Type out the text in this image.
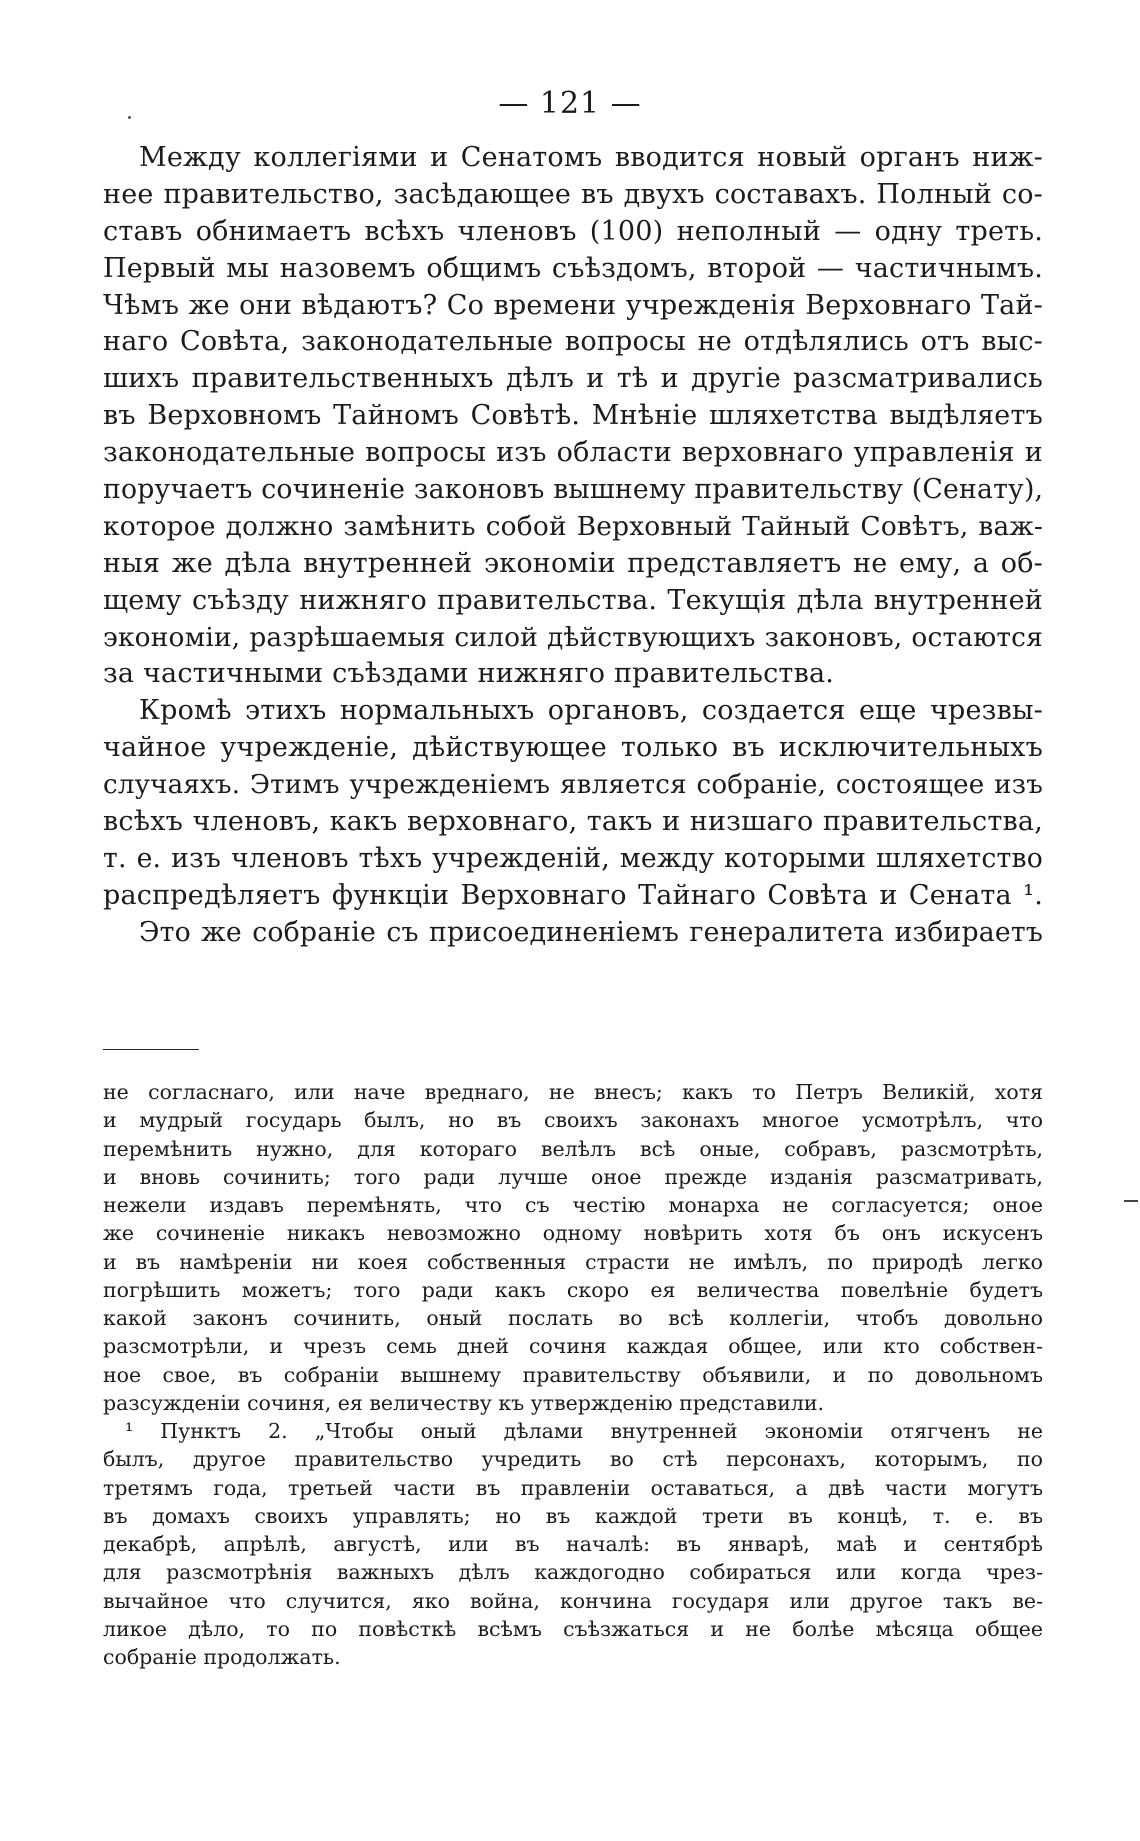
— 121 —
Между коллегіями и Сенатомъ вводится новый органъ ниж-
нее правительство, засѣдающее въ двухъ составахъ. Полный со-
ставъ обнимаетъ всѣхъ членовъ (100) неполный — одну треть.
Первый мы назовемъ общимъ съѣздомъ, второй — частичнымъ.
Чѣмъ же они вѣдаютъ? Со времени учрежденія Верховнаго Тай-
наго Совѣта, законодательные вопросы не отдѣлялись отъ выс-
шихъ правительственныхъ дѣлъ и тѣ и другіе разсматривались
въ Верховномъ Тайномъ Совѣтѣ. Мнѣніе шляхетства выдѣляетъ
законодательные вопросы изъ области верховнаго управленія и
поручаетъ сочиненіе законовъ вышнему правительству (Сенату),
которое должно замѣнить собой Верховный Тайный Совѣтъ, важ-
ныя же дѣла внутренней экономіи представляетъ не ему, а об-
щему съѣзду нижняго правительства. Текущія дѣла внутренней
экономіи, разрѣшаемыя силой дѣйствующихъ законовъ, остаются
за частичными съѣздами нижняго правительства.
Кромѣ этихъ нормальныхъ органовъ, создается еще чрезвы-
чайное учрежденіе, дѣйствующее только въ исключительныхъ
случаяхъ. Этимъ учрежденіемъ является собраніе, состоящее изъ
всѣхъ членовъ, какъ верховнаго, такъ и низшаго правительства,
т. е. изъ членовъ тѣхъ учрежденій, между которыми шляхетство
распредѣляетъ функціи Верховнаго Тайнаго Совѣта и Сената ¹.
Это же собраніе съ присоединеніемъ генералитета избираетъ
не согласнаго, или наче вреднаго, не внесъ; какъ то Петръ Великій, хотя
и мудрый государь былъ, но въ своихъ законахъ многое усмотрѣлъ, что
перемѣнить нужно, для котораго велѣлъ всѣ оные, собравъ, разсмотрѣть,
и вновь сочинить; того ради лучше оное прежде изданія разсматривать,
нежели издавъ перемѣнять, что съ честію монарха не согласуется; оное
же сочиненіе никакъ невозможно одному новѣрить хотя бъ онъ искусенъ
и въ намѣреніи ни коея собственныя страсти не имѣлъ, по природѣ легко
погрѣшить можетъ; того ради какъ скоро ея величества повелѣніе будетъ
какой законъ сочинить, оный послать во всѣ коллегіи, чтобъ довольно
разсмотрѣли, и чрезъ семь дней сочиня каждая общее, или кто собствен-
ное свое, въ собраніи вышнему правительству объявили, и по довольномъ
разсужденіи сочиня, ея величеству къ утвержденію представили.
¹ Пунктъ 2. „Чтобы оный дѣлами внутренней экономіи отягченъ не
былъ, другое правительство учредить во стѣ персонахъ, которымъ, по
третямъ года, третьей части въ правленіи оставаться, а двѣ части могутъ
въ домахъ своихъ управлять; но въ каждой трети въ концѣ, т. е. въ
декабрѣ, апрѣлѣ, августѣ, или въ началѣ: въ январѣ, маѣ и сентябрѣ
для разсмотрѣнія важныхъ дѣлъ каждогодно собираться или когда чрез-
вычайное что случится, яко война, кончина государя или другое такъ ве-
ликое дѣло, то по повѣсткѣ всѣмъ съѣзжаться и не болѣе мѣсяца общее
собраніе продолжать.
